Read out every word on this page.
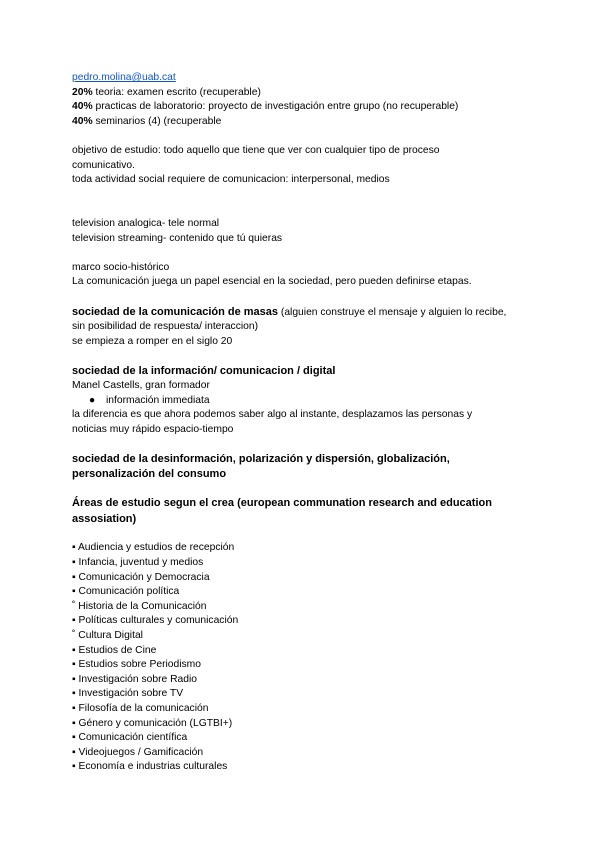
pedro.molina@uab.cat
20% teoria: examen escrito (recuperable)
40% practicas de laboratorio: proyecto de investigación entre grupo (no recuperable)
40% seminarios (4) (recuperable
objetivo de estudio: todo aquello que tiene que ver con cualquier tipo de proceso
comunicativo.
toda actividad social requiere de comunicacion: interpersonal, medios
television analogica- tele normal
television streaming- contenido que tú quieras
marco socio-histórico
La comunicación juega un papel esencial en la sociedad, pero pueden definirse etapas.
sociedad de la comunicación de masas (alguien construye el mensaje y alguien lo recibe,
sin posibilidad de respuesta/ interaccion)
se empieza a romper en el siglo 20
sociedad de la información/ comunicacion / digital
Manel Castells, gran formador
● información immediata
la diferencia es que ahora podemos saber algo al instante, desplazamos las personas y
noticias muy rápido espacio-tiempo
sociedad de la desinformación, polarización y dispersión, globalización,
personalización del consumo
Áreas de estudio segun el crea (european communation research and education
assosiation)
▪ Audiencia y estudios de recepción
▪ Infancia, juventud y medios
▪ Comunicación y Democracia
▪ Comunicación política
˚ Historia de la Comunicación
▪ Políticas culturales y comunicación
˚ Cultura Digital
▪ Estudios de Cine
▪ Estudios sobre Periodismo
▪ Investigación sobre Radio
▪ Investigación sobre TV
▪ Filosofía de la comunicación
▪ Género y comunicación (LGTBI+)
▪ Comunicación científica
▪ Videojuegos / Gamificación
▪ Economía e industrias culturales
